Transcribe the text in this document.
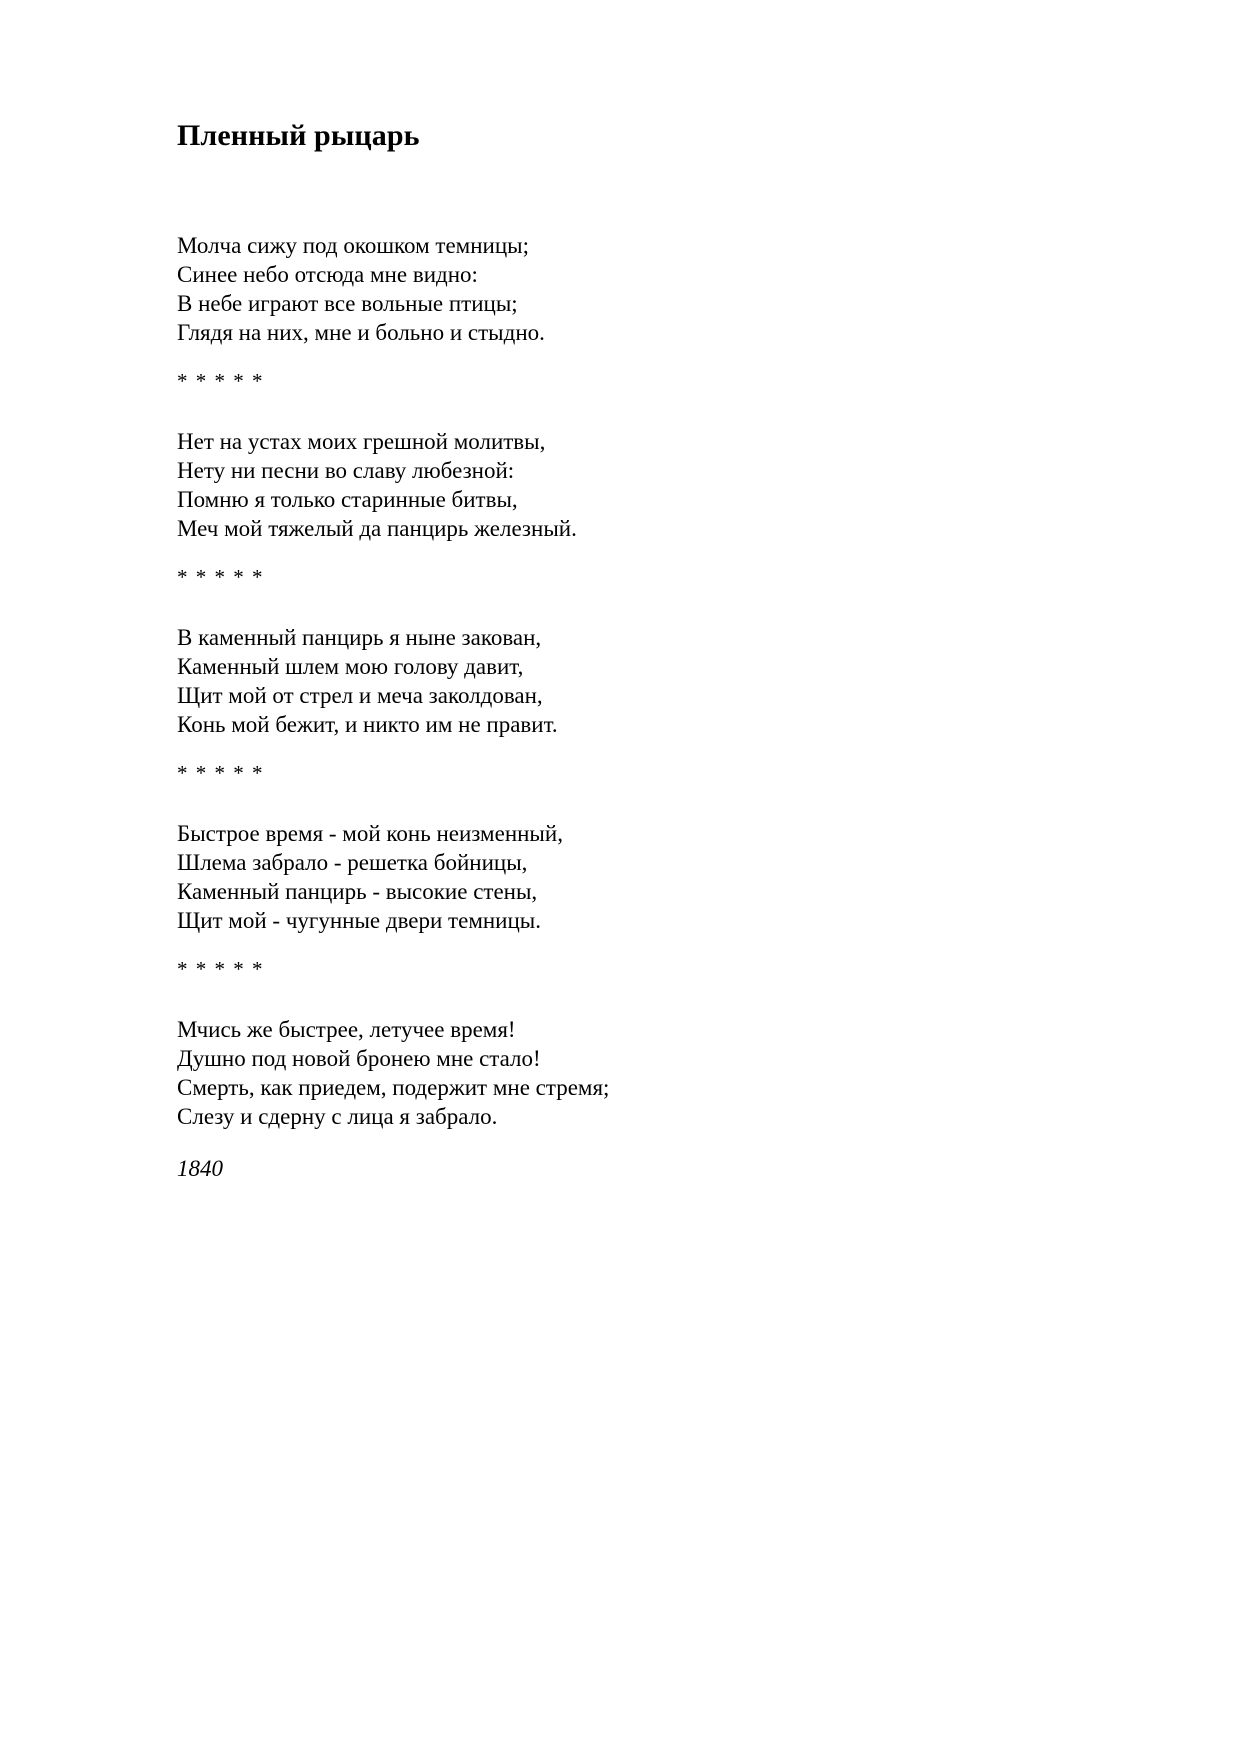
Пленный рыцарь
Молча сижу под окошком темницы;
Синее небо отсюда мне видно:
В небе играют все вольные птицы;
Глядя на них, мне и больно и стыдно.
* * * * *
Нет на устах моих грешной молитвы,
Нету ни песни во славу любезной:
Помню я только старинные битвы,
Меч мой тяжелый да панцирь железный.
* * * * *
В каменный панцирь я ныне закован,
Каменный шлем мою голову давит,
Щит мой от стрел и меча заколдован,
Конь мой бежит, и никто им не правит.
* * * * *
Быстрое время - мой конь неизменный,
Шлема забрало - решетка бойницы,
Каменный панцирь - высокие стены,
Щит мой - чугунные двери темницы.
* * * * *
Мчись же быстрее, летучее время!
Душно под новой бронею мне стало!
Смерть, как приедем, подержит мне стремя;
Слезу и сдерну с лица я забрало.
1840
